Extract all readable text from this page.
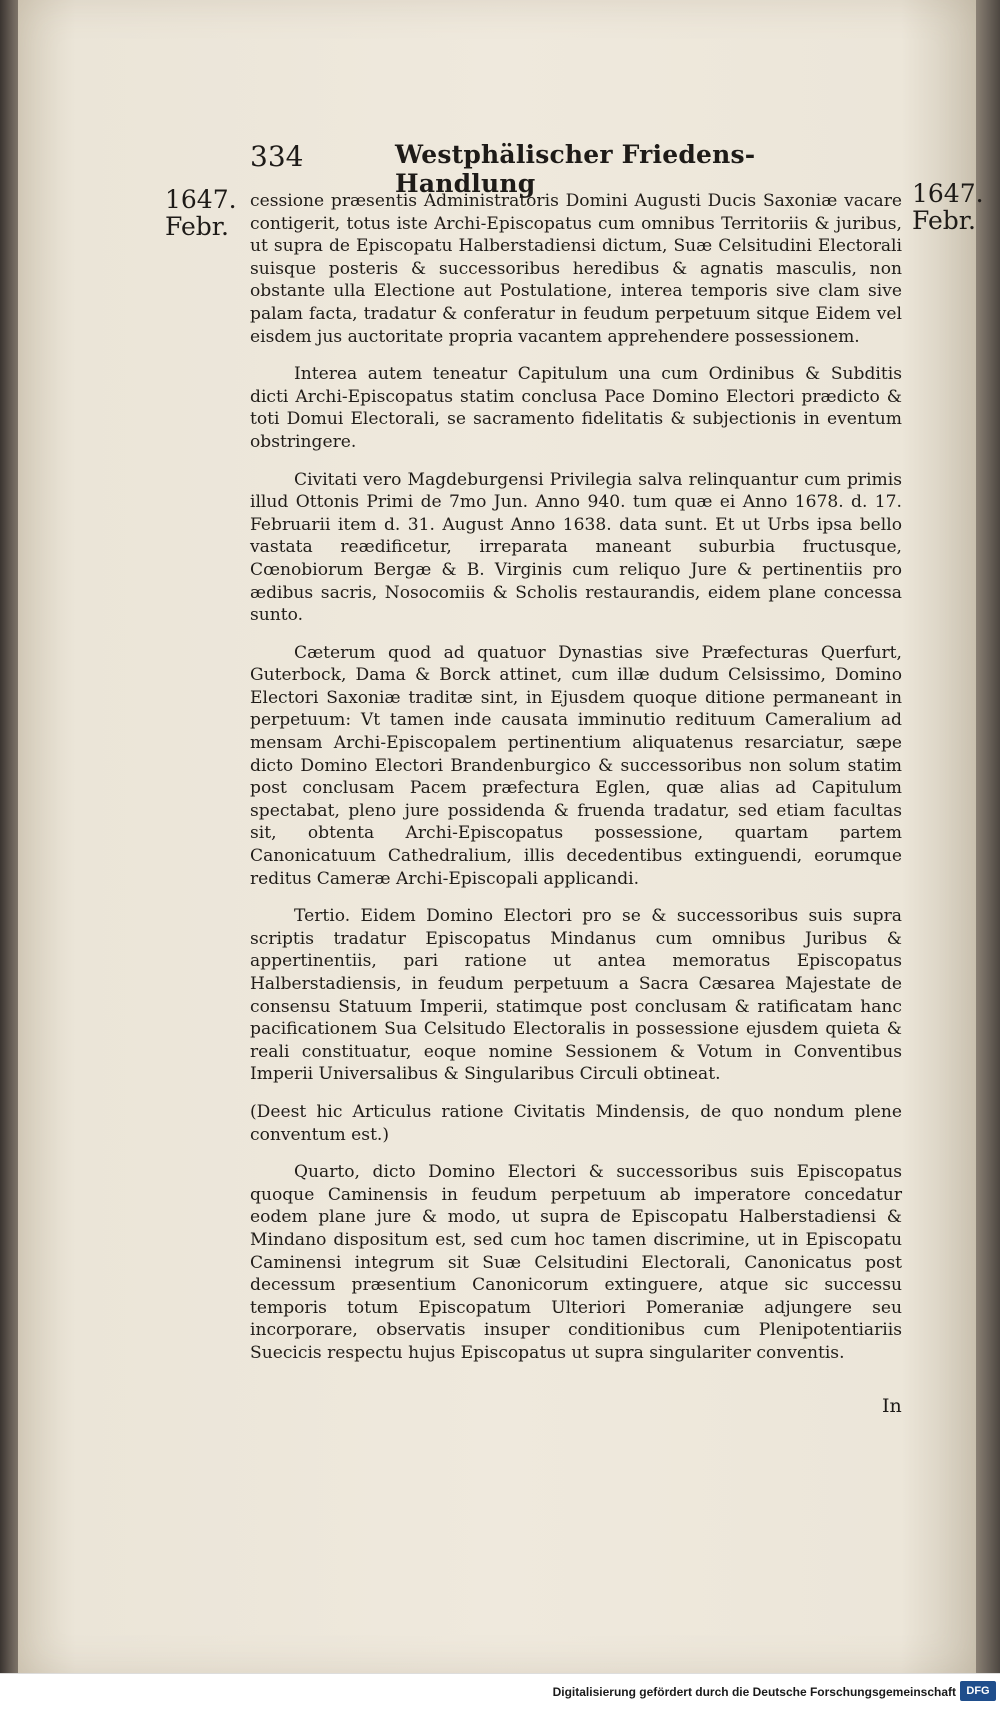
334	Westphälischer Friedens-Handlung
1647.
Febr.
1647.
Febr.

cessione præsentis Administratoris Domini Augusti Ducis Saxoniæ vacare contigerit, totus iste Archi-Episcopatus cum omnibus Territoriis & juribus, ut supra de Episcopatu Halberstadiensi dictum, Suæ Celsitudini Electorali suisque posteris & successoribus heredibus & agnatis masculis, non obstante ulla Electione aut Postulatione, interea temporis sive clam sive palam facta, tradatur & conferatur in feudum perpetuum sitque Eidem vel eisdem jus auctoritate propria vacantem apprehendere possessionem.

Interea autem teneatur Capitulum una cum Ordinibus & Subditis dicti Archi-Episcopatus statim conclusa Pace Domino Electori prædicto & toti Domui Electorali, se sacramento fidelitatis & subjectionis in eventum obstringere.

Civitati vero Magdeburgensi Privilegia salva relinquantur cum primis illud Ottonis Primi de 7mo Jun. Anno 940. tum quæ ei Anno 1678. d. 17. Februarii item d. 31. August Anno 1638. data sunt. Et ut Urbs ipsa bello vastata reædificetur, irreparata maneant suburbia fructusque, Cœnobiorum Bergæ & B. Virginis cum reliquo Jure & pertinentiis pro ædibus sacris, Nosocomiis & Scholis restaurandis, eidem plane concessa sunto.

Cæterum quod ad quatuor Dynastias sive Præfecturas Querfurt, Guterbock, Dama & Borck attinet, cum illæ dudum Celsissimo, Domino Electori Saxoniæ traditæ sint, in Ejusdem quoque ditione permaneant in perpetuum: Vt tamen inde causata imminutio redituum Cameralium ad mensam Archi-Episcopalem pertinentium aliquatenus resarciatur, sæpe dicto Domino Electori Brandenburgico & successoribus non solum statim post conclusam Pacem præfectura Eglen, quæ alias ad Capitulum spectabat, pleno jure possidenda & fruenda tradatur, sed etiam facultas sit, obtenta Archi-Episcopatus possessione, quartam partem Canonicatuum Cathedralium, illis decedentibus extinguendi, eorumque reditus Cameræ Archi-Episcopali applicandi.

Tertio. Eidem Domino Electori pro se & successoribus suis supra scriptis tradatur Episcopatus Mindanus cum omnibus Juribus & appertinentiis, pari ratione ut antea memoratus Episcopatus Halberstadiensis, in feudum perpetuum a Sacra Cæsarea Majestate de consensu Statuum Imperii, statimque post conclusam & ratificatam hanc pacificationem Sua Celsitudo Electoralis in possessione ejusdem quieta & reali constituatur, eoque nomine Sessionem & Votum in Conventibus Imperii Universalibus & Singularibus Circuli obtineat.

(Deest hic Articulus ratione Civitatis Mindensis, de quo nondum plene conventum est.)

Quarto, dicto Domino Electori & successoribus suis Episcopatus quoque Caminensis in feudum perpetuum ab imperatore concedatur eodem plane jure & modo, ut supra de Episcopatu Halberstadiensi & Mindano dispositum est, sed cum hoc tamen discrimine, ut in Episcopatu Caminensi integrum sit Suæ Celsitudini Electorali, Canonicatus post decessum præsentium Canonicorum extinguere, atque sic successu temporis totum Episcopatum Ulteriori Pomeraniæ adjungere seu incorporare, observatis insuper conditionibus cum Plenipotentiariis Suecicis respectu hujus Episcopatus ut supra singulariter conventis.

In
Digitalisierung gefördert durch die Deutsche Forschungsgemeinschaft DFG
